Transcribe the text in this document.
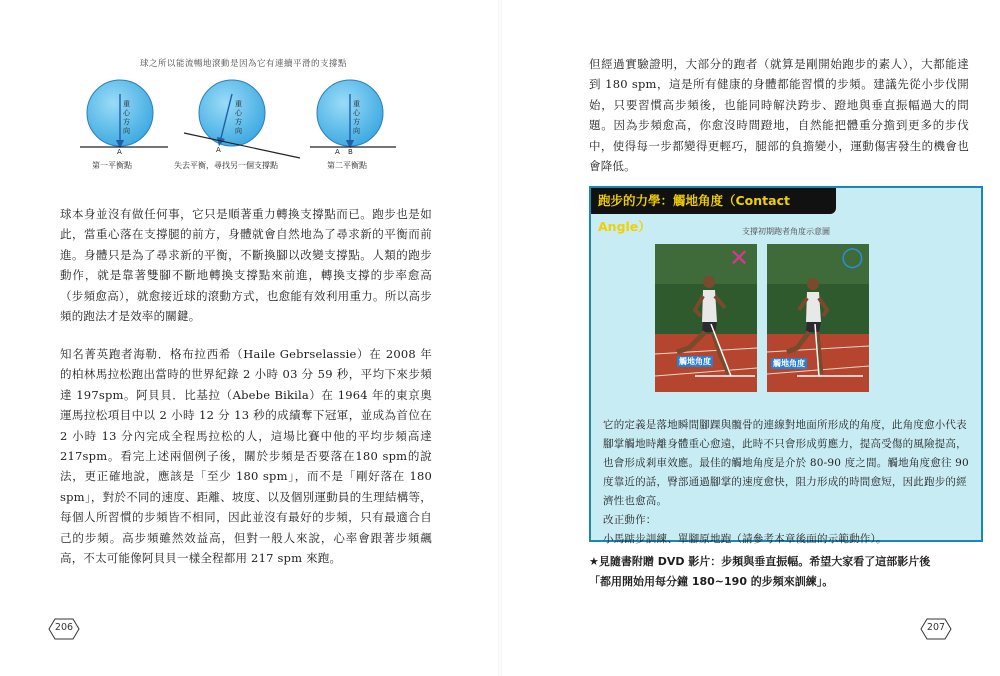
球之所以能流暢地滾動是因為它有連續平滑的支撐點
重心方向
重心方向
重心方向
A	A	A B
第一平衡點	失去平衡，尋找另一個支撐點	第二平衡點

球本身並沒有做任何事，它只是順著重力轉換支撐點而已。跑步也是如此，當重心落在支撐腿的前方，身體就會自然地為了尋求新的平衡而前進。身體只是為了尋求新的平衡，不斷換腳以改變支撐點。人類的跑步動作，就是靠著雙腳不斷地轉換支撐點來前進，轉換支撐的步率愈高（步頻愈高），就愈接近球的滾動方式，也愈能有效利用重力。所以高步頻的跑法才是效率的關鍵。

知名菁英跑者海勒．格布拉西希（Haile Gebrselassie）在 2008 年的柏林馬拉松跑出當時的世界紀錄 2 小時 03 分 59 秒，平均下來步頻達 197spm。阿貝貝．比基拉（Abebe Bikila）在 1964 年的東京奧運馬拉松項目中以 2 小時 12 分 13 秒的成績奪下冠軍，並成為首位在 2 小時 13 分內完成全程馬拉松的人，這場比賽中他的平均步頻高達 217spm。看完上述兩個例子後，關於步頻是否要落在180 spm的說法，更正確地說，應該是「至少 180 spm」，而不是「剛好落在 180 spm」，對於不同的速度、距離、坡度、以及個別運動員的生理結構等，每個人所習慣的步頻皆不相同，因此並沒有最好的步頻，只有最適合自己的步頻。高步頻雖然效益高，但對一般人來說，心率會跟著步頻飆高，不太可能像阿貝貝一樣全程都用 217 spm 來跑。

206

但經過實驗證明，大部分的跑者（就算是剛開始跑步的素人），大都能達到 180 spm，這是所有健康的身體都能習慣的步頻。建議先從小步伐開始，只要習慣高步頻後，也能同時解決跨步、蹬地與垂直振幅過大的問題。因為步頻愈高，你愈沒時間蹬地，自然能把體重分擔到更多的步伐中，使得每一步都變得更輕巧，腿部的負擔變小，運動傷害發生的機會也會降低。

跑步的力學：觸地角度（Contact Angle）	支撐初期跑者角度示意圖
✕
觸地角度
○
觸地角度

它的定義是落地瞬間腳踝與髖骨的連線對地面所形成的角度，此角度愈小代表腳掌觸地時離身體重心愈遠，此時不只會形成剪應力，提高受傷的風險提高，也會形成剎車效應。最佳的觸地角度是介於 80-90 度之間。觸地角度愈往 90 度靠近的話，臀部通過腳掌的速度愈快，阻力形成的時間愈短，因此跑步的經濟性也愈高。

改正動作：

小馬踮步訓練、單腳原地跑（請參考本章後面的示範動作）。

★見隨書附贈 DVD 影片：步頻與垂直振幅。希望大家看了這部影片後

「都用開始用每分鐘 180~190 的步頻來訓練」。

207
